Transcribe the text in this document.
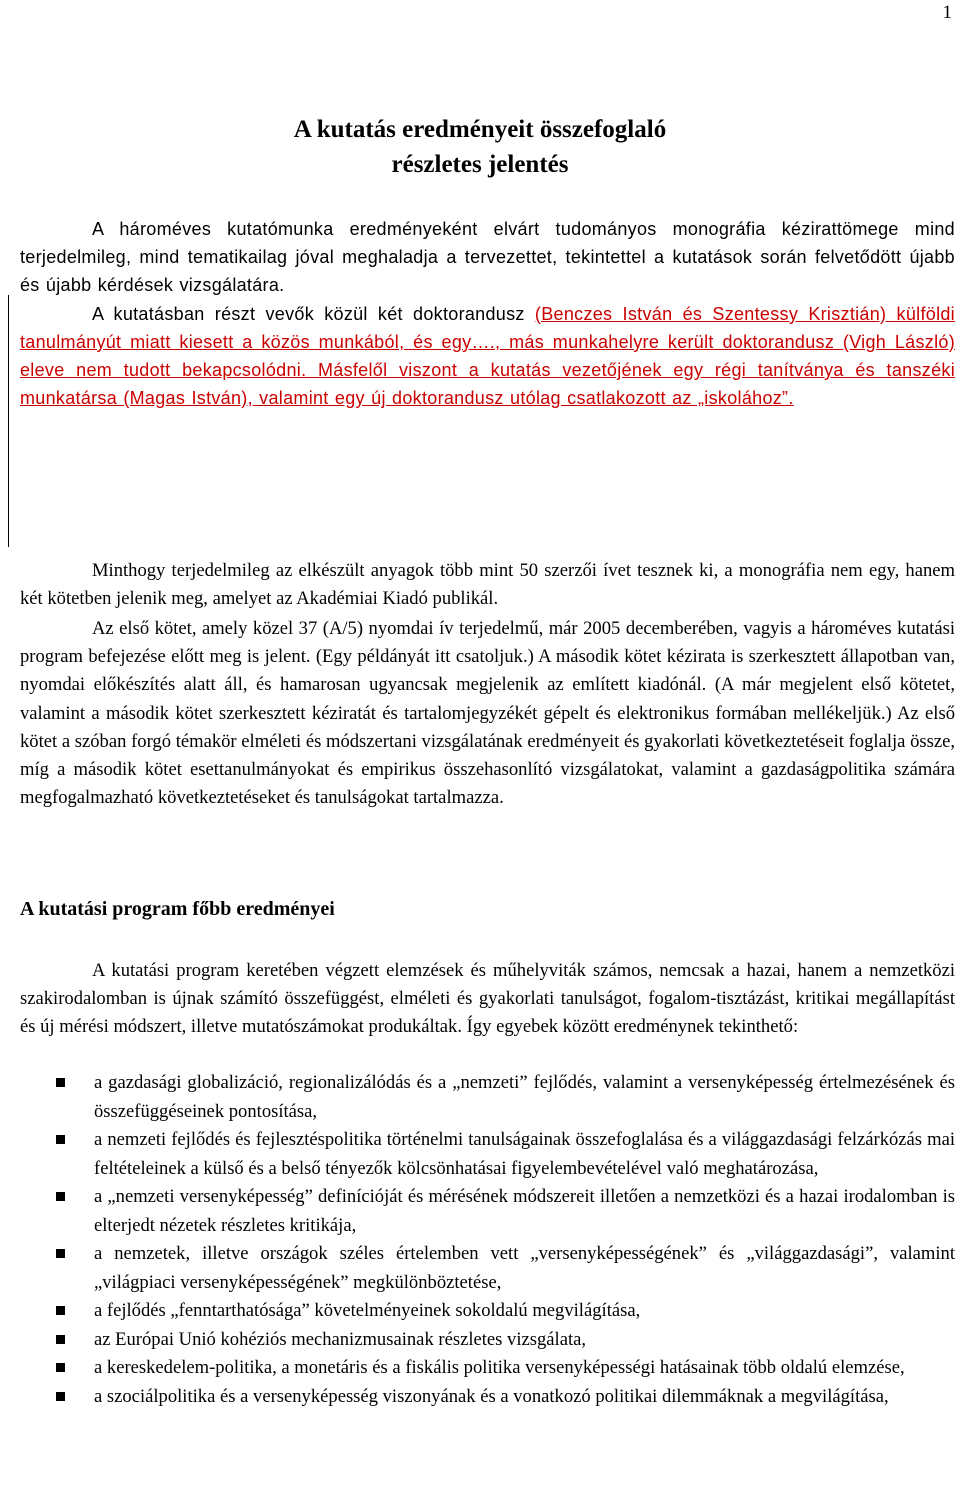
1
A kutatás eredményeit összefoglaló
részletes jelentés
A hároméves kutatómunka eredményeként elvárt tudományos monográfia kézirattömege mind terjedelmileg, mind tematikailag jóval meghaladja a tervezettet, tekintettel a kutatások során felvetődött újabb és újabb kérdések vizsgálatára.
A kutatásban részt vevők közül két doktorandusz (Benczes István és Szentessy Krisztián) külföldi tanulmányút miatt kiesett a közös munkából, és egy…., más munkahelyre került doktorandusz (Vigh László) eleve nem tudott bekapcsolódni. Másfelől viszont a kutatás vezetőjének egy régi tanítványa és tanszéki munkatársa (Magas István), valamint egy új doktorandusz utólag csatlakozott az „iskolához”.
Minthogy terjedelmileg az elkészült anyagok több mint 50 szerzői ívet tesznek ki, a monográfia nem egy, hanem két kötetben jelenik meg, amelyet az Akadémiai Kiadó publikál.
Az első kötet, amely közel 37 (A/5) nyomdai ív terjedelmű, már 2005 decemberében, vagyis a hároméves kutatási program befejezése előtt meg is jelent. (Egy példányát itt csatoljuk.) A második kötet kézirata is szerkesztett állapotban van, nyomdai előkészítés alatt áll, és hamarosan ugyancsak megjelenik az említett kiadónál. (A már megjelent első kötetet, valamint a második kötet szerkesztett kéziratát és tartalomjegyzékét gépelt és elektronikus formában mellékeljük.) Az első kötet a szóban forgó témakör elméleti és módszertani vizsgálatának eredményeit és gyakorlati következtetéseit foglalja össze, míg a második kötet esettanulmányokat és empirikus összehasonlító vizsgálatokat, valamint a gazdaságpolitika számára megfogalmazható következtetéseket és tanulságokat tartalmazza.
A kutatási program főbb eredményei
A kutatási program keretében végzett elemzések és műhelyviták számos, nemcsak a hazai, hanem a nemzetközi szakirodalomban is újnak számító összefüggést, elméleti és gyakorlati tanulságot, fogalom-tisztázást, kritikai megállapítást és új mérési módszert, illetve mutatószámokat produkáltak. Így egyebek között eredménynek tekinthető:
a gazdasági globalizáció, regionalizálódás és a „nemzeti” fejlődés, valamint a versenyképesség értelmezésének és összefüggéseinek pontosítása,
a nemzeti fejlődés és fejlesztéspolitika történelmi tanulságainak összefoglalása és a világgazdasági felzárkózás mai feltételeinek a külső és a belső tényezők kölcsönhatásai figyelembevételével való meghatározása,
a „nemzeti versenyképesség” definícióját és mérésének módszereit illetően a nemzetközi és a hazai irodalomban is elterjedt nézetek részletes kritikája,
a nemzetek, illetve országok széles értelemben vett „versenyképességének” és „világgazdasági”, valamint „világpiaci versenyképességének” megkülönböztetése,
a fejlődés „fenntarthatósága” követelményeinek sokoldalú megvilágítása,
az Európai Unió kohéziós mechanizmusainak részletes vizsgálata,
a kereskedelem-politika, a monetáris és a fiskális politika versenyképességi hatásainak több oldalú elemzése,
a szociálpolitika és a versenyképesség viszonyának és a vonatkozó politikai dilemmáknak a megvilágítása,
